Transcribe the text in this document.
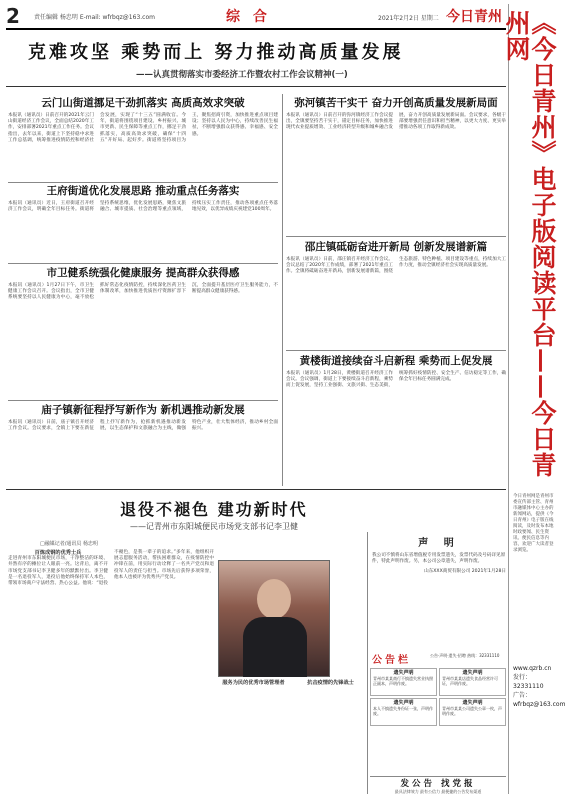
2 责任编辑 杨忠明 E-mail: wfrbqz@163.com	综 合	2021年2月2日 星期二 今日青州
克难攻坚 乘势而上 努力推动高质量发展
——认真贯彻落实市委经济工作暨农村工作会议精神(一)
云门山街道挪足干劲抓落实 高质高效求突破
本报讯（通讯员）日前召开的2021年云门山街道经济工作会议，全面总结2020年工作，安排部署2021年重点工作任务。会议指出，去年以来，街道上下坚持稳中求进工作总基调，统筹推进疫情防控和经济社会发展，实现了“十三五”圆满收官。今年，街道将围绕项目建设、乡村振兴、城市更新、民生保障等重点工作，挪足干劲抓落实，高质高效求突破，确保“十四五”开好局、起好步。街道将坚持项目为王，聚焦招商引资，加快推进重点项目建设；坚持以人民为中心，持续改善民生福祉，不断增强群众获得感、幸福感、安全感。
王府街道优化发展思路 推动重点任务落实
本报讯（通讯员）近日，王府街道召开经济工作会议，明确全年目标任务。街道将坚持系统思维，优化发展思路，聚焦文旅融合、城市提质、社会治理等重点领域，持续压实工作责任，推动各项重点任务落地见效，以优异成绩庆祝建党100周年。
市卫健系统强化健康服务 提高群众获得感
本报讯（通讯员）1月27日下午，市卫生健康工作会议召开。会议指出，全市卫健系统要坚持以人民健康为中心，毫不放松抓好常态化疫情防控，持续深化医药卫生体制改革，加快推进优质医疗资源扩容下沉，全面提升基层医疗卫生服务能力，不断提高群众健康获得感。
庙子镇新征程抒写新作为 新机遇推动新发展
本报讯（通讯员）日前，庙子镇召开经济工作会议。会议要求，全镇上下要在新征程上抒写新作为，抢抓新机遇推动新发展，以生态保护和文旅融合为主线，做强特色产业，壮大集体经济，推动乡村全面振兴。
弥河镇苦干实干 奋力开创高质量发展新局面
本报讯（通讯员）日前召开的弥河镇经济工作会议提出，全镇要坚持苦干实干，锚定目标任务，加快推进现代农业提质增效、工业经济转型升级和城乡融合发展，奋力开创高质量发展新局面。会议要求，各级干部要增强责任意识和担当精神，以更大力度、更实举措推动各项工作取得新成效。
邵庄镇砥砺奋进开新局 创新发展谱新篇
本报讯（通讯员）日前，邵庄镇召开经济工作会议。会议总结了2020年工作成绩，部署了2021年重点工作。全镇将砥砺奋进开新局，创新发展谱新篇，围绕生态旅游、特色种植、项目建设等重点，持续加大工作力度，推动全镇经济社会实现高质量发展。
黄楼街道接续奋斗启新程 乘势而上促发展
本报讯（通讯员）1月28日，黄楼街道召开经济工作会议。会议强调，街道上下要接续奋斗启新程，乘势而上促发展，坚持工业强街、文旅兴街、生态美街，统筹抓好疫情防控、安全生产、信访稳定等工作，确保全年目标任务圆满完成。
退役不褪色 建功新时代
——记青州市东阳城便民市场党支部书记李卫健
□融媒记者/通讯员 杨忠明
百炼成钢的优秀士兵
走进青州市东阳城便民市场，干净整洁的环境、井然有序的摊位让人眼前一亮。这背后，离不开市场党支部书记李卫健多年的默默付出。李卫健是一名退役军人，退役后他始终保持军人本色，带领市场商户守法经营、热心公益。他说：“退役不褪色，是我一辈子的追求。”多年来，他组织开展志愿服务活动，帮扶困难群众，在疫情防控中冲锋在前，用实际行动诠释了一名共产党员和退役军人的责任与担当。市场先后获得多项荣誉，他本人也被评为优秀共产党员。
服务为民的优秀市场管理者	抗击疫情的先锋战士
声 明
我公司不慎将山东省增值税专用发票遗失，发票代码及号码详见原件，特此声明作废。另，本公司公章遗失，声明作废。
山东XXX商贸有限公司 2021年1月28日
公告栏	公告·声明·遗失·招聘 热线：32331110
遗失声明
青州市某某商行不慎遗失营业执照正副本，声明作废。
遗失声明
青州市某某店遗失食品经营许可证，声明作废。
遗失声明
本人不慎遗失身份证一张，声明作废。
遗失声明
青州市某某公司遗失公章一枚，声明作废。
发公告 找党报
最具法律效力 最有公信力 最便捷的公告发布渠道
《今日青州》电子版阅读平台——今日青州网
今日青州网是青州市委宣传部主管、青州市融媒体中心主办的新闻网站，提供《今日青州》电子版在线阅读，及时发布本地时政要闻、民生资讯、便民信息等内容，欢迎广大读者登录浏览。
www.qzrb.cn
发行：
32331110
广告：
wfrbqz@163.com
